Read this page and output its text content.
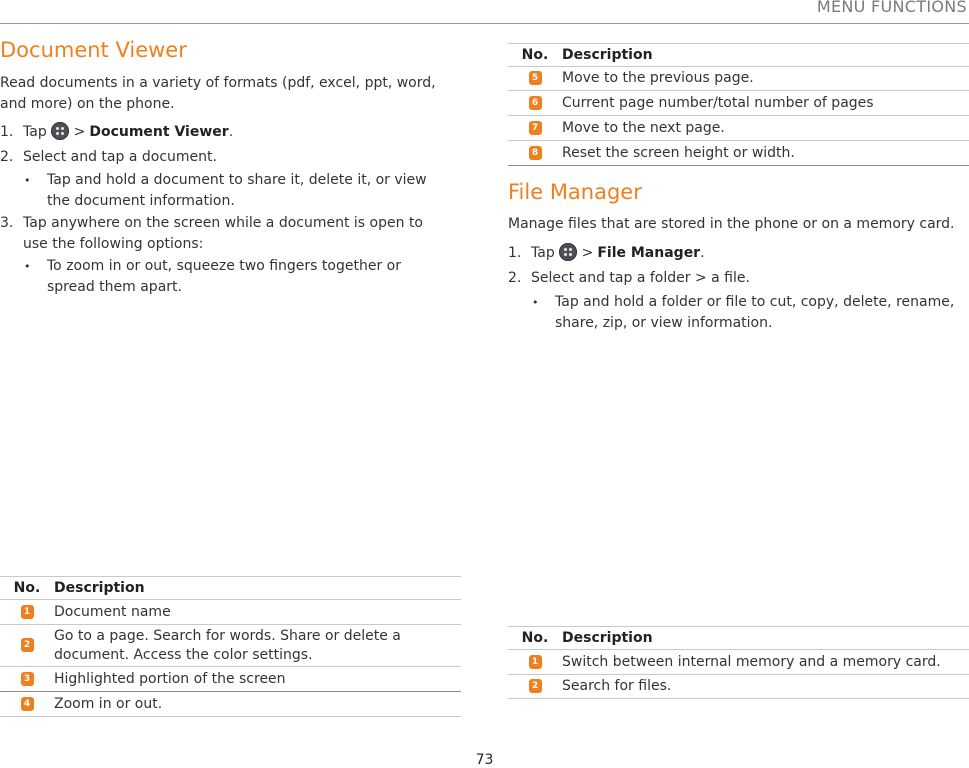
MENU FUNCTIONS
Document Viewer
Read documents in a variety of formats (pdf, excel, ppt, word, and more) on the phone.
1. Tap > Document Viewer.
2. Select and tap a document.
• Tap and hold a document to share it, delete it, or view the document information.
3. Tap anywhere on the screen while a document is open to use the following options:
• To zoom in or out, squeeze two fingers together or spread them apart.
No.	Description
1	Document name
2	Go to a page. Search for words. Share or delete a document. Access the color settings.
3	Highlighted portion of the screen
4	Zoom in or out.
No.	Description
5	Move to the previous page.
6	Current page number/total number of pages
7	Move to the next page.
8	Reset the screen height or width.
File Manager
Manage files that are stored in the phone or on a memory card.
1. Tap > File Manager.
2. Select and tap a folder > a file.
• Tap and hold a folder or file to cut, copy, delete, rename, share, zip, or view information.
No.	Description
1	Switch between internal memory and a memory card.
2	Search for files.
73
